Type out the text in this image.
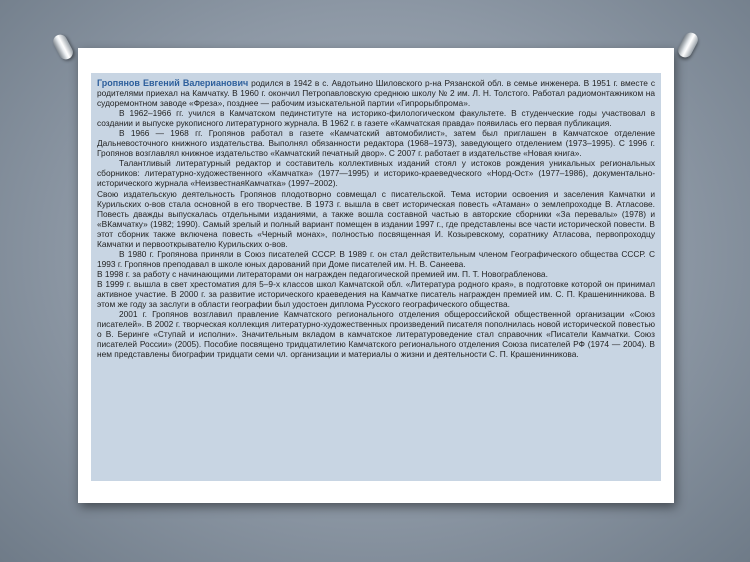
Гропянов Евгений Валерианович родился в 1942 в с. Авдотьино Шиловского р-на Рязанской обл. в семье инженера. В 1951 г. вместе с родителями приехал на Камчатку. В 1960 г. окончил Петропавловскую среднюю школу № 2 им. Л. Н. Толстого. Работал радиомонтажником на судоремонтном заводе «Фреза», позднее — рабочим изыскательной партии «Гипрорыбпрома».

В 1962–1966 гг. учился в Камчатском пединституте на историко-филологическом факультете. В студенческие годы участвовал в создании и выпуске рукописного литературного журнала. В 1962 г. в газете «Камчатская правда» появилась его первая публикация.

В 1966 — 1968 гг. Гропянов работал в газете «Камчатский автомобилист», затем был приглашен в Камчатское отделение Дальневосточного книжного издательства. Выполнял обязанности редактора (1968–1973), заведующего отделением (1973–1995). С 1996 г. Гропянов возглавлял книжное издательство «Камчатский печатный двор». С 2007 г. работает в издательстве «Новая книга».

Талантливый литературный редактор и составитель коллективных изданий стоял у истоков рождения уникальных региональных сборников: литературно-художественного «Камчатка» (1977—1995) и историко-краеведческого «Норд-Ост» (1977–1986), документально-исторического журнала «НеизвестнаяКамчатка» (1997–2002).

Свою издательскую деятельность Гропянов плодотворно совмещал с писательской. Тема истории освоения и заселения Камчатки и Курильских о-вов стала основной в его творчестве. В 1973 г. вышла в свет историческая повесть «Атаман» о землепроходце В. Атласове. Повесть дважды выпускалась отдельными изданиями, а также вошла составной частью в авторские сборники «За перевалы» (1978) и «ВКамчатку» (1982; 1990). Самый зрелый и полный вариант помещен в издании 1997 г., где представлены все части исторической повести. В этот сборник также включена повесть «Черный монах», полностью посвященная И. Козыревскому, соратнику Атласова, первопроходцу Камчатки и первооткрывателю Курильских о-вов.

В 1980 г. Гропянова приняли в Союз писателей СССР. В 1989 г. он стал действительным членом Географического общества СССР. С 1993 г. Гропянов преподавал в школе юных дарований при Доме писателей им. Н. В. Санеева.

В 1998 г. за работу с начинающими литераторами он награжден педагогической премией им. П. Т. Новограбленова.

В 1999 г. вышла в свет хрестоматия для 5–9-х классов школ Камчатской обл. «Литература родного края», в подготовке которой он принимал активное участие. В 2000 г. за развитие исторического краеведения на Камчатке писатель награжден премией им. С. П. Крашенинникова. В этом же году за заслуги в области географии был удостоен диплома Русского географического общества.

2001 г. Гропянов возглавил правление Камчатского регионального отделения общероссийской общественной организации «Союз писателей». В 2002 г. творческая коллекция литературно-художественных произведений писателя пополнилась новой исторической повестью о В. Беринге «Ступай и исполни». Значительным вкладом в камчатское литературоведение стал справочник «Писатели Камчатки. Союз писателей России» (2005). Пособие посвящено тридцатилетию Камчатского регионального отделения Союза писателей РФ (1974 — 2004). В нем представлены биографии тридцати семи чл. организации и материалы о жизни и деятельности С. П. Крашенинникова.
